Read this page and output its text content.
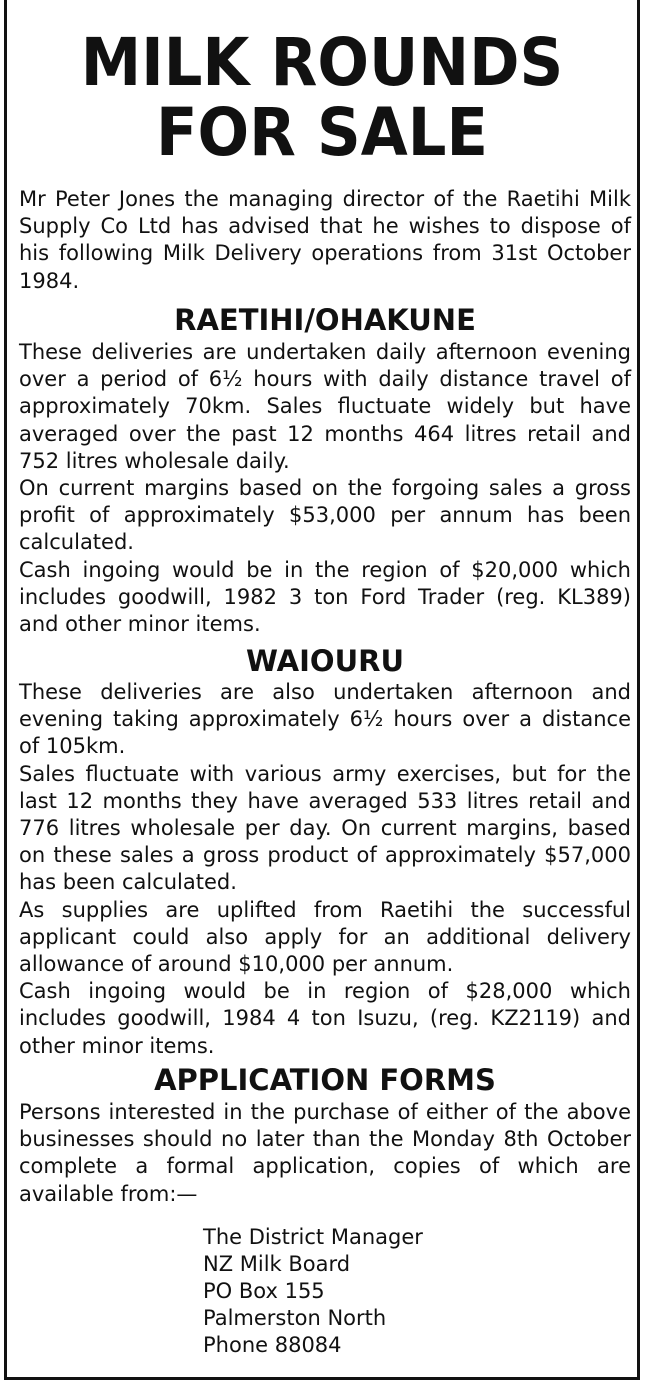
MILK ROUNDS
FOR SALE

Mr Peter Jones the managing director of the Raetihi Milk Supply Co Ltd has advised that he wishes to dispose of his following Milk Delivery operations from 31st October 1984.

RAETIHI/OHAKUNE

These deliveries are undertaken daily afternoon evening over a period of 6½ hours with daily distance travel of approximately 70km. Sales fluctuate widely but have averaged over the past 12 months 464 litres retail and 752 litres wholesale daily.

On current margins based on the forgoing sales a gross profit of approximately $53,000 per annum has been calculated.

Cash ingoing would be in the region of $20,000 which includes goodwill, 1982 3 ton Ford Trader (reg. KL389) and other minor items.

WAIOURU

These deliveries are also undertaken afternoon and evening taking approximately 6½ hours over a distance of 105km.

Sales fluctuate with various army exercises, but for the last 12 months they have averaged 533 litres retail and 776 litres wholesale per day. On current margins, based on these sales a gross product of approximately $57,000 has been calculated.

As supplies are uplifted from Raetihi the successful applicant could also apply for an additional delivery allowance of around $10,000 per annum.

Cash ingoing would be in region of $28,000 which includes goodwill, 1984 4 ton Isuzu, (reg. KZ2119) and other minor items.

APPLICATION FORMS

Persons interested in the purchase of either of the above businesses should no later than the Monday 8th October complete a formal application, copies of which are available from:—

The District Manager
NZ Milk Board
PO Box 155
Palmerston North
Phone 88084
